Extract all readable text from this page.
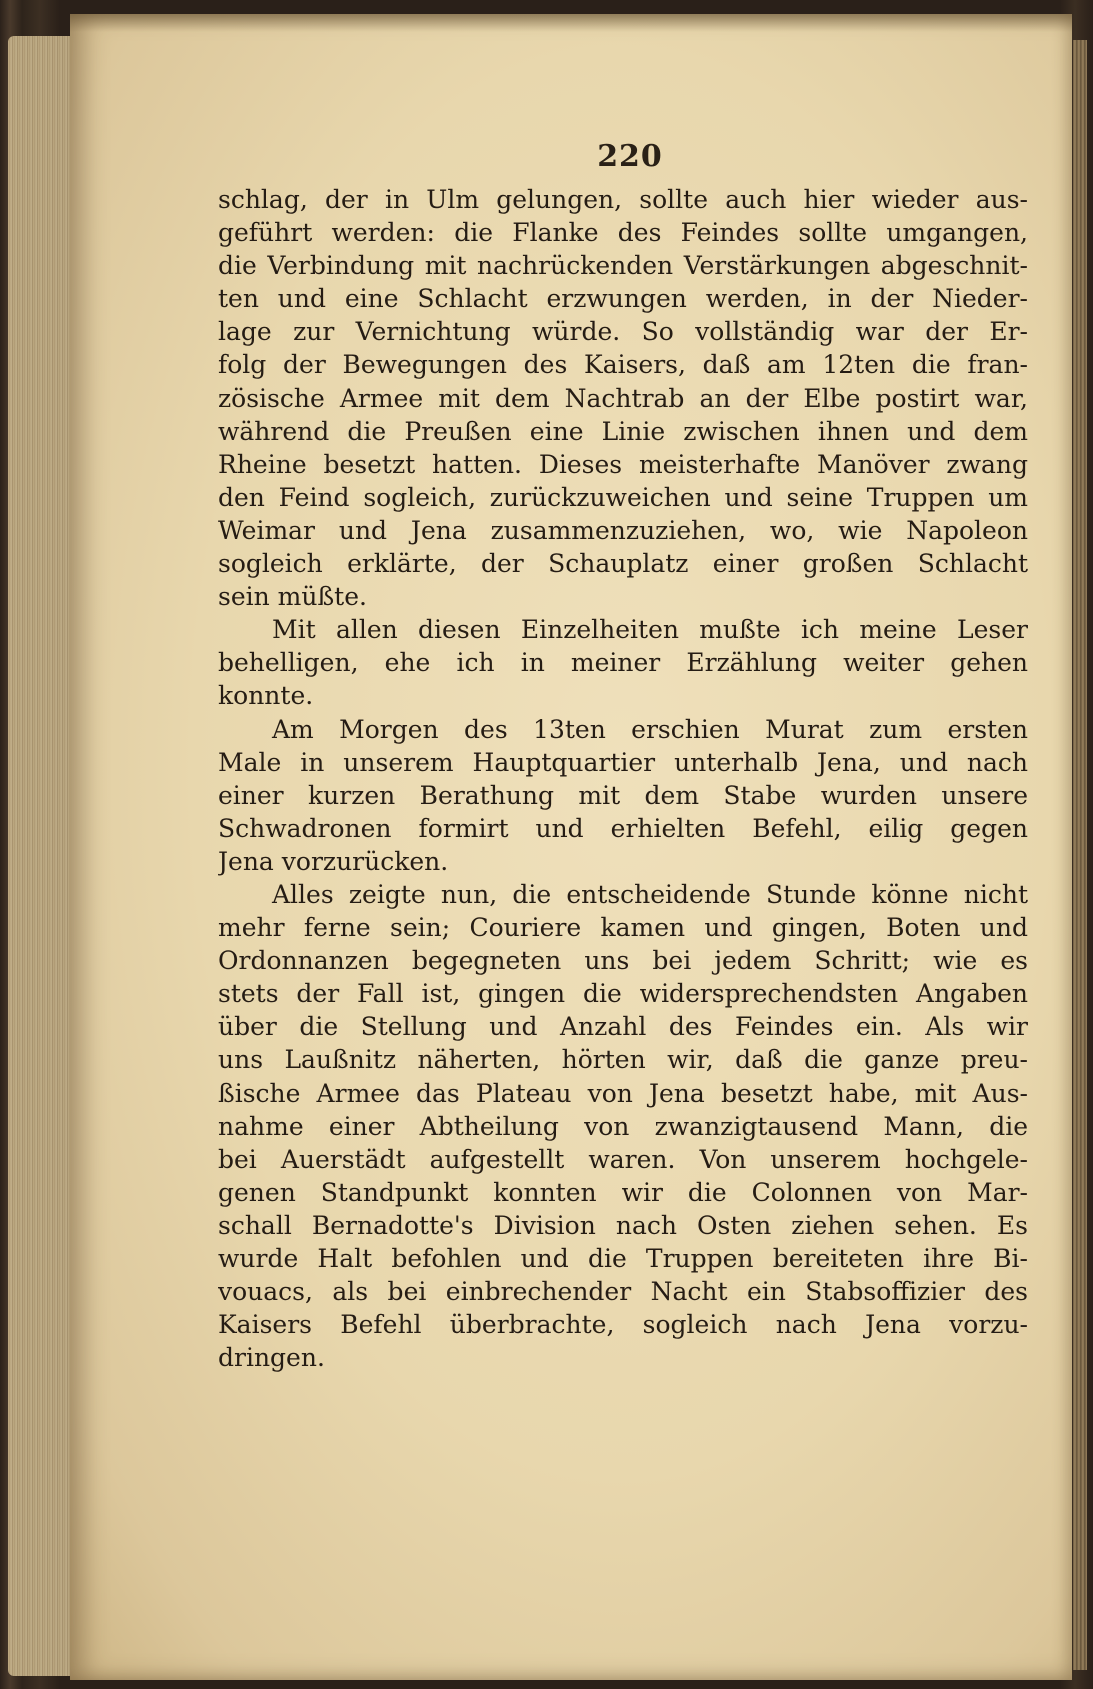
220
schlag, der in Ulm gelungen, sollte auch hier wieder aus-
geführt werden: die Flanke des Feindes sollte umgangen,
die Verbindung mit nachrückenden Verstärkungen abgeschnit-
ten und eine Schlacht erzwungen werden, in der Nieder-
lage zur Vernichtung würde. So vollständig war der Er-
folg der Bewegungen des Kaisers, daß am 12ten die fran-
zösische Armee mit dem Nachtrab an der Elbe postirt war,
während die Preußen eine Linie zwischen ihnen und dem
Rheine besetzt hatten. Dieses meisterhafte Manöver zwang
den Feind sogleich, zurückzuweichen und seine Truppen um
Weimar und Jena zusammenzuziehen, wo, wie Napoleon
sogleich erklärte, der Schauplatz einer großen Schlacht
sein müßte.
Mit allen diesen Einzelheiten mußte ich meine Leser
behelligen, ehe ich in meiner Erzählung weiter gehen
konnte.
Am Morgen des 13ten erschien Murat zum ersten
Male in unserem Hauptquartier unterhalb Jena, und nach
einer kurzen Berathung mit dem Stabe wurden unsere
Schwadronen formirt und erhielten Befehl, eilig gegen
Jena vorzurücken.
Alles zeigte nun, die entscheidende Stunde könne nicht
mehr ferne sein; Couriere kamen und gingen, Boten und
Ordonnanzen begegneten uns bei jedem Schritt; wie es
stets der Fall ist, gingen die widersprechendsten Angaben
über die Stellung und Anzahl des Feindes ein. Als wir
uns Laußnitz näherten, hörten wir, daß die ganze preu-
ßische Armee das Plateau von Jena besetzt habe, mit Aus-
nahme einer Abtheilung von zwanzigtausend Mann, die
bei Auerstädt aufgestellt waren. Von unserem hochgele-
genen Standpunkt konnten wir die Colonnen von Mar-
schall Bernadotte's Division nach Osten ziehen sehen. Es
wurde Halt befohlen und die Truppen bereiteten ihre Bi-
vouacs, als bei einbrechender Nacht ein Stabsoffizier des
Kaisers Befehl überbrachte, sogleich nach Jena vorzu-
dringen.
